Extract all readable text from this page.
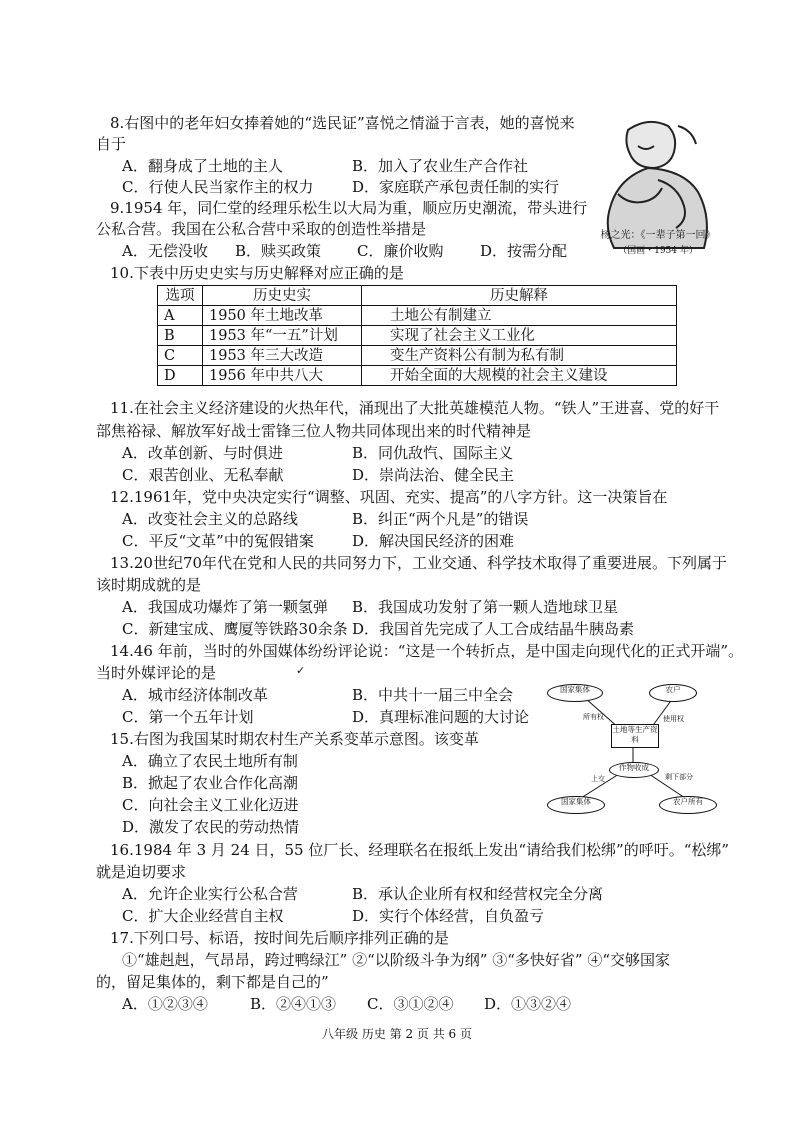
8.右图中的老年妇女捧着她的“选民证”喜悦之情溢于言表，她的喜悦来
自于
A．翻身成了土地的主人	B．加入了农业生产合作社
C．行使人民当家作主的权力	D．家庭联产承包责任制的实行
杨之光：《一辈子第一回》
（国画・1954 年）
9.1954 年，同仁堂的经理乐松生以大局为重，顺应历史潮流，带头进行
公私合营。我国在公私合营中采取的创造性举措是
A．无偿没收 B．赎买政策 C．廉价收购 D．按需分配
10.下表中历史史实与历史解释对应正确的是
选项	历史史实	历史解释
A	1950 年土地改革	土地公有制建立
B	1953 年“一五”计划	实现了社会主义工业化
C	1953 年三大改造	变生产资料公有制为私有制
D	1956 年中共八大	开始全面的大规模的社会主义建设
11.在社会主义经济建设的火热年代，涌现出了大批英雄模范人物。“铁人”王进喜、党的好干
部焦裕禄、解放军好战士雷锋三位人物共同体现出来的时代精神是
A．改革创新、与时俱进	B．同仇敌忾、国际主义
C．艰苦创业、无私奉献	D．崇尚法治、健全民主
12.1961年，党中央决定实行“调整、巩固、充实、提高”的八字方针。这一决策旨在
A．改变社会主义的总路线	B．纠正“两个凡是”的错误
C．平反“文革”中的冤假错案	D．解决国民经济的困难
13.20世纪70年代在党和人民的共同努力下，工业交通、科学技术取得了重要进展。下列属于
该时期成就的是
A．我国成功爆炸了第一颗氢弹 B．我国成功发射了第一颗人造地球卫星
C．新建宝成、鹰厦等铁路30余条 D．我国首先完成了人工合成结晶牛胰岛素
14.46 年前，当时的外国媒体纷纷评论说：“这是一个转折点，是中国走向现代化的正式开端”。
当时外媒评论的是	✓
A．城市经济体制改革	B．中共十一届三中全会
C．第一个五年计划	D．真理标准问题的大讨论
15.右图为我国某时期农村生产关系变革示意图。该变革
A．确立了农民土地所有制
B．掀起了农业合作化高潮
C．向社会主义工业化迈进
D．激发了农民的劳动热情
国家集体	农户
土地等生产资料
作物收成
国家集体	农户所有
所有权	使用权
上交	剩下部分
16.1984 年 3 月 24 日，55 位厂长、经理联名在报纸上发出“请给我们松绑”的呼吁。“松绑”
就是迫切要求
A．允许企业实行公私合营	B．承认企业所有权和经营权完全分离
C．扩大企业经营自主权	D．实行个体经营，自负盈亏
17.下列口号、标语，按时间先后顺序排列正确的是
①“雄赳赳，气昂昂，跨过鸭绿江” ②“以阶级斗争为纲” ③“多快好省” ④“交够国家
的，留足集体的，剩下都是自己的”
A．①②③④	B．②④①③ C．③①②④ D．①③②④
八年级 历史 第 2 页 共 6 页
